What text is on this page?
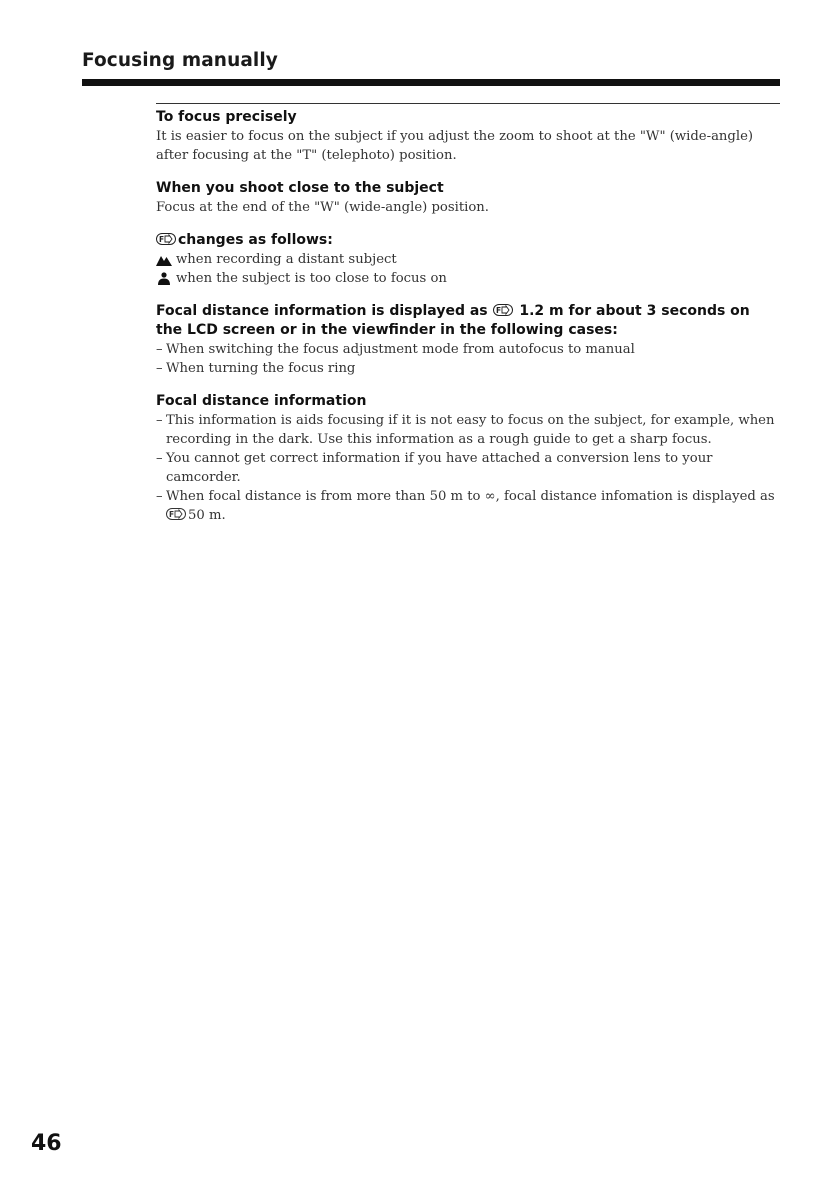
Focusing manually

To focus precisely

It is easier to focus on the subject if you adjust the zoom to shoot at the "W" (wide-angle) after focusing at the "T" (telephoto) position.

When you shoot close to the subject

Focus at the end of the "W" (wide-angle) position.

F changes as follows:

when recording a distant subject
when the subject is too close to focus on

Focal distance information is displayed as F 1.2 m for about 3 seconds on the LCD screen or in the viewfinder in the following cases:

– When switching the focus adjustment mode from autofocus to manual
– When turning the focus ring

Focal distance information

– This information is aids focusing if it is not easy to focus on the subject, for example, when recording in the dark. Use this information as a rough guide to get a sharp focus.
– You cannot get correct information if you have attached a conversion lens to your camcorder.
– When focal distance is from more than 50 m to ∞, focal distance infomation is displayed as
F 50 m.
46
